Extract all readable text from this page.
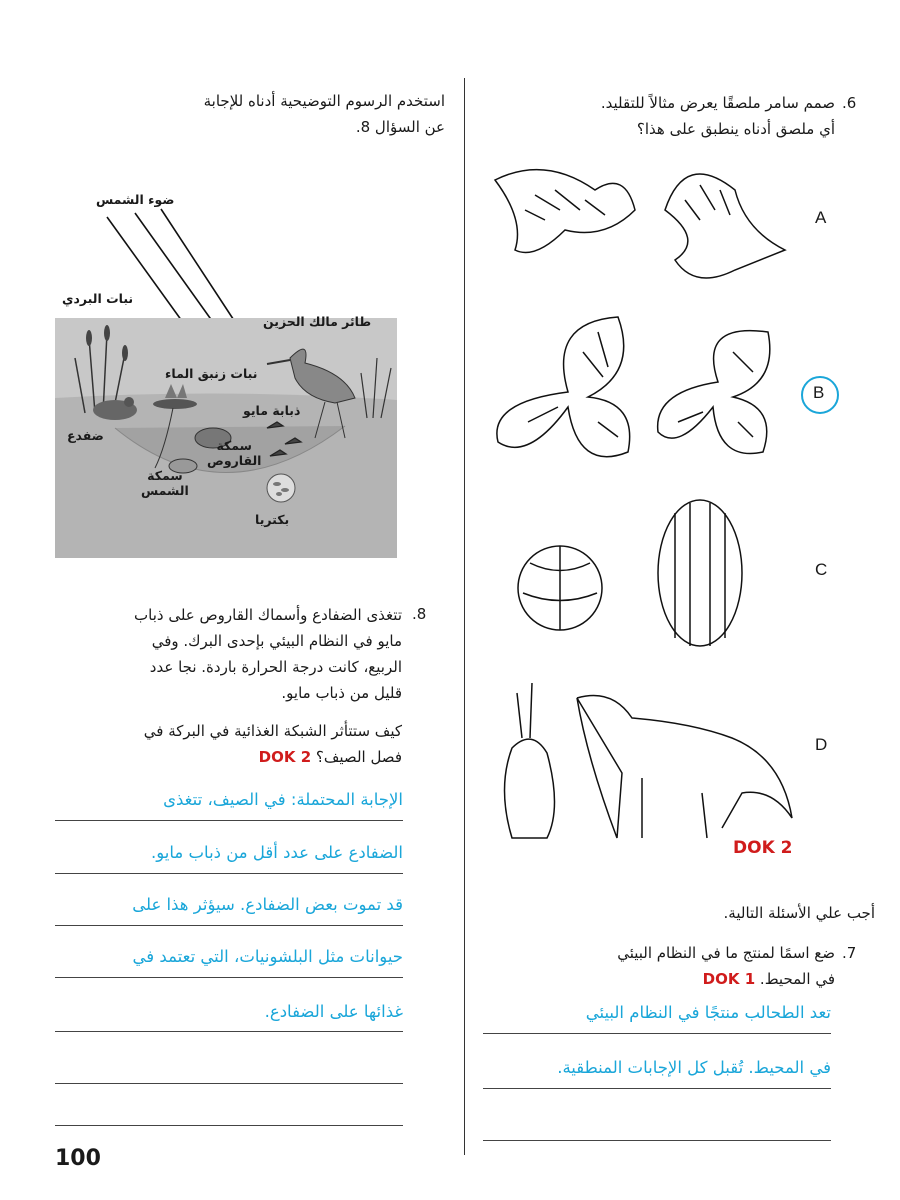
استخدم الرسوم التوضيحية أدناه للإجابة
عن السؤال 8.
ضوء الشمس
نبات البردي
طائر مالك الحزين
نبات زنبق الماء
ذبابة مايو
ضفدع
سمكة
القاروص
سمكة
الشمس
بكتريا
.8
تتغذى الضفادع وأسماك القاروص على ذباب
مايو في النظام البيئي بإحدى البرك. وفي
الربيع، كانت درجة الحرارة باردة. نجا عدد
قليل من ذباب مايو.
كيف ستتأثر الشبكة الغذائية في البركة في
فصل الصيف؟ DOK 2
الإجابة المحتملة: في الصيف، تتغذى
الضفادع على عدد أقل من ذباب مايو.
قد تموت بعض الضفادع. سيؤثر هذا على
حيوانات مثل البلشونيات، التي تعتمد في
غذائها على الضفادع.
100
.6
صمم سامر ملصقًا يعرض مثالاً للتقليد.
أي ملصق أدناه ينطبق على هذا؟
A
B
C
D
DOK 2
أجب علي الأسئلة التالية.
.7
ضع اسمًا لمنتج ما في النظام البيئي
في المحيط. DOK 1
تعد الطحالب منتجًا في النظام البيئي
في المحيط. تُقبل كل الإجابات المنطقية.
